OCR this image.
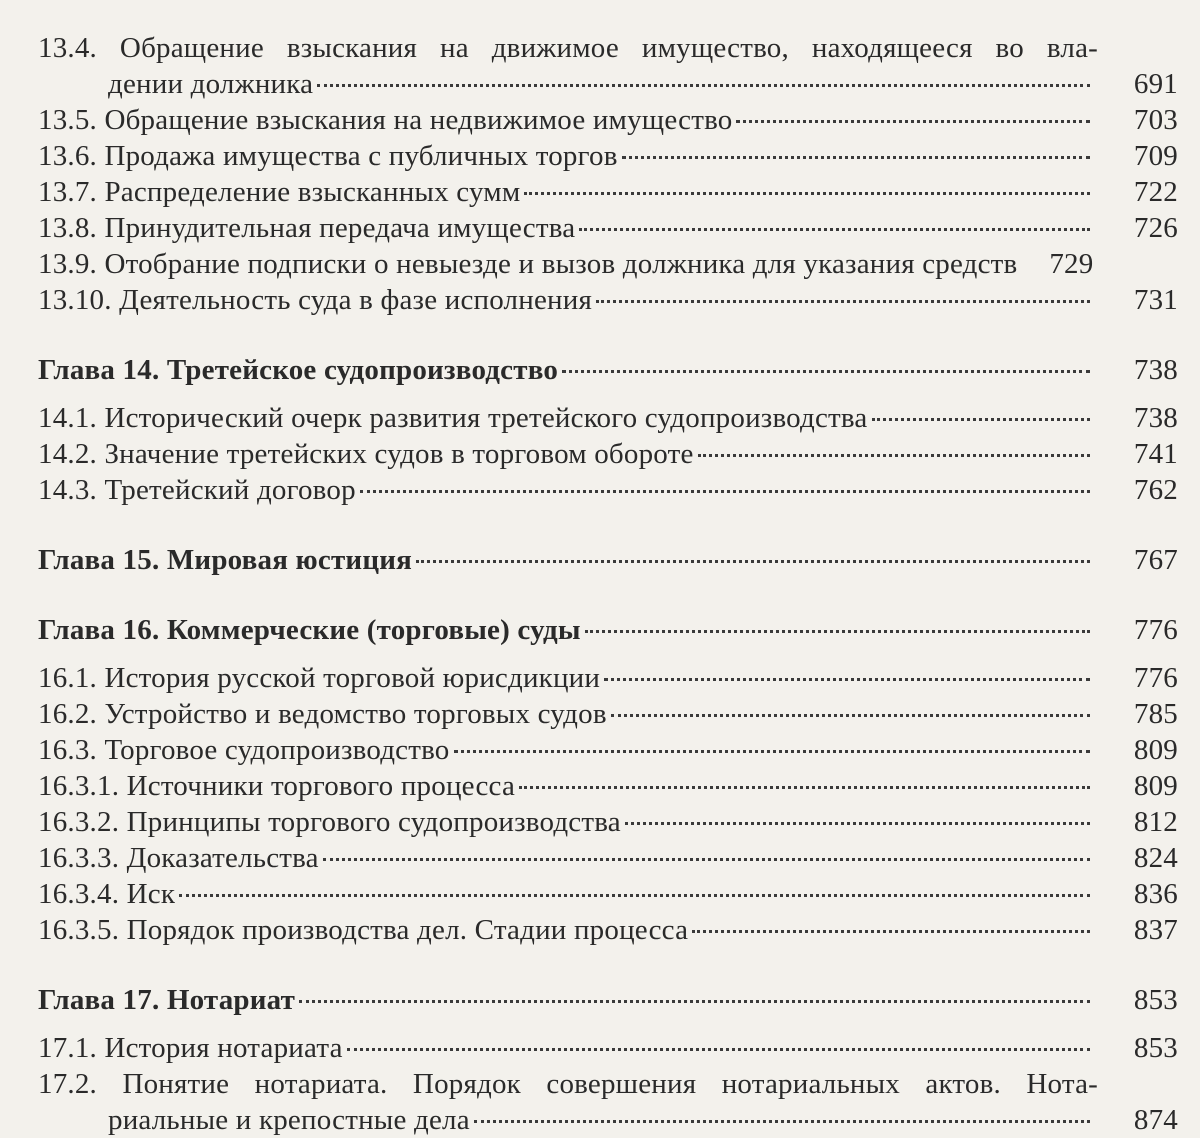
13.4. Обращение взыскания на движимое имущество, находящееся во вла-
дении должника	691
13.5. Обращение взыскания на недвижимое имущество	703
13.6. Продажа имущества с публичных торгов	709
13.7. Распределение взысканных сумм	722
13.8. Принудительная передача имущества	726
13.9. Отобрание подписки о невыезде и вызов должника для указания средств	729
13.10. Деятельность суда в фазе исполнения	731
Глава 14. Третейское судопроизводство	738
14.1. Исторический очерк развития третейского судопроизводства	738
14.2. Значение третейских судов в торговом обороте	741
14.3. Третейский договор	762
Глава 15. Мировая юстиция	767
Глава 16. Коммерческие (торговые) суды	776
16.1. История русской торговой юрисдикции	776
16.2. Устройство и ведомство торговых судов	785
16.3. Торговое судопроизводство	809
16.3.1. Источники торгового процесса	809
16.3.2. Принципы торгового судопроизводства	812
16.3.3. Доказательства	824
16.3.4. Иск	836
16.3.5. Порядок производства дел. Стадии процесса	837
Глава 17. Нотариат	853
17.1. История нотариата	853
17.2. Понятие нотариата. Порядок совершения нотариальных актов. Нота-
риальные и крепостные дела	874
